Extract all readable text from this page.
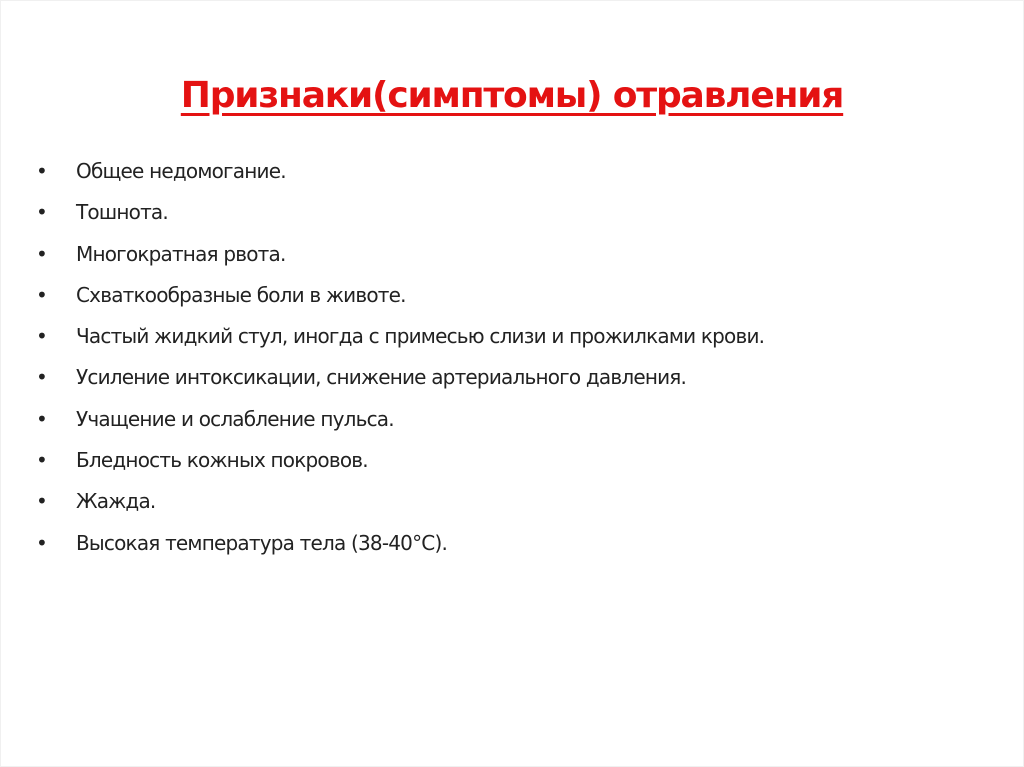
Признаки(симптомы) отравления
• Общее недомогание.
• Тошнота.
• Многократная рвота.
• Схваткообразные боли в животе.
• Частый жидкий стул, иногда с примесью слизи и прожилками крови.
• Усиление интоксикации, снижение артериального давления.
• Учащение и ослабление пульса.
• Бледность кожных покровов.
• Жажда.
• Высокая температура тела (38-40°С).
